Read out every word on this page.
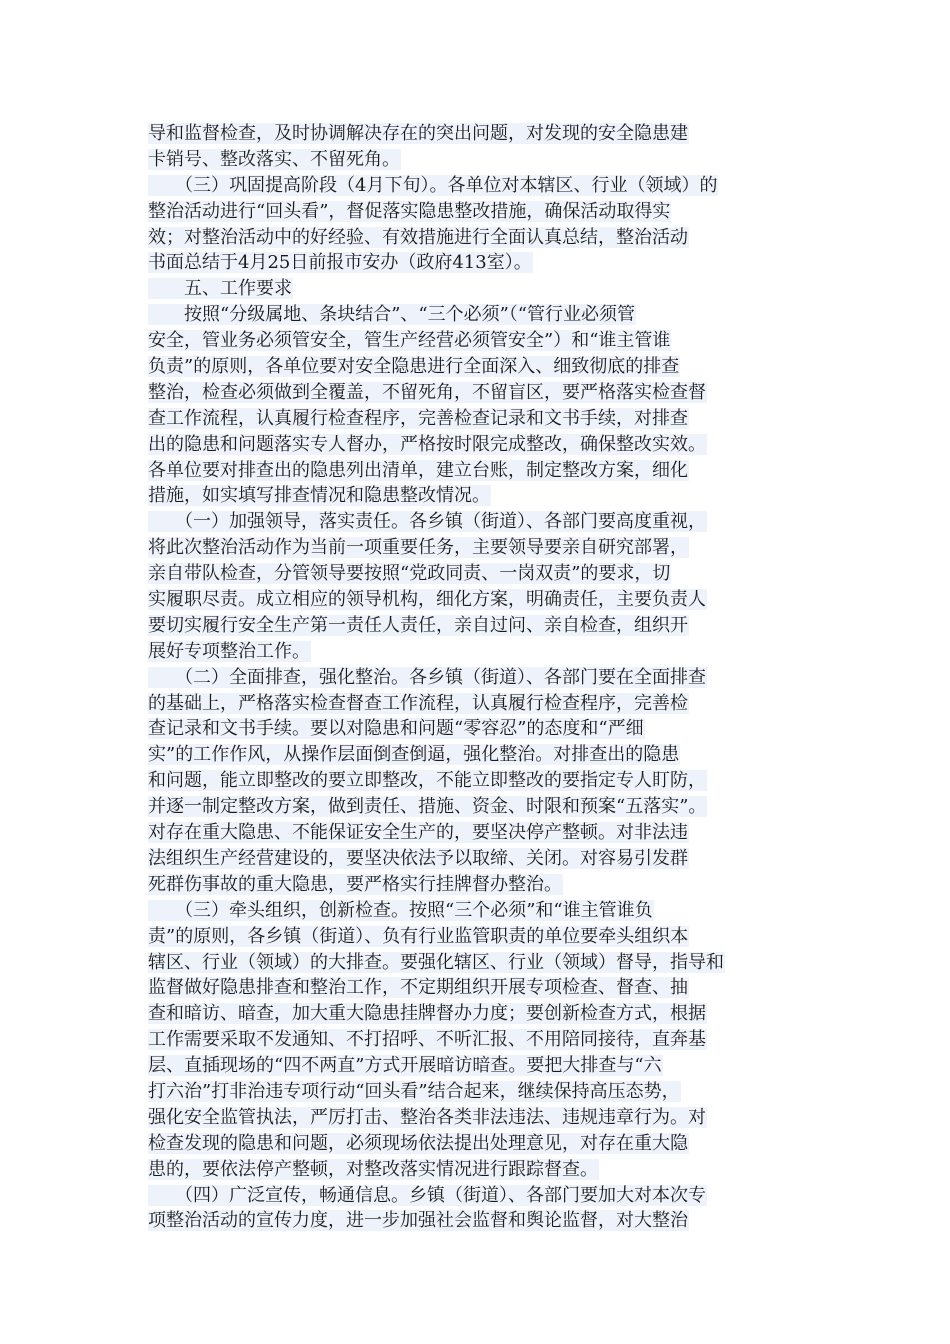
导和监督检查，及时协调解决存在的突出问题，对发现的安全隐患建
卡销号、整改落实、不留死角。
　　（三）巩固提高阶段（4月下旬）。各单位对本辖区、行业（领域）的
整治活动进行“回头看”，督促落实隐患整改措施，确保活动取得实
效；对整治活动中的好经验、有效措施进行全面认真总结，整治活动
书面总结于4月25日前报市安办（政府413室）。
　　五、工作要求
　　按照“分级属地、条块结合”、“三个必须”（“管行业必须管
安全，管业务必须管安全，管生产经营必须管安全”）和“谁主管谁
负责”的原则，各单位要对安全隐患进行全面深入、细致彻底的排查
整治，检查必须做到全覆盖，不留死角，不留盲区，要严格落实检查督
查工作流程，认真履行检查程序，完善检查记录和文书手续，对排查
出的隐患和问题落实专人督办，严格按时限完成整改，确保整改实效。
各单位要对排查出的隐患列出清单，建立台账，制定整改方案，细化
措施，如实填写排查情况和隐患整改情况。
　　（一）加强领导，落实责任。各乡镇（街道）、各部门要高度重视，
将此次整治活动作为当前一项重要任务，主要领导要亲自研究部署，
亲自带队检查，分管领导要按照“党政同责、一岗双责”的要求，切
实履职尽责。成立相应的领导机构，细化方案，明确责任，主要负责人
要切实履行安全生产第一责任人责任，亲自过问、亲自检查，组织开
展好专项整治工作。
　　（二）全面排查，强化整治。各乡镇（街道）、各部门要在全面排查
的基础上，严格落实检查督查工作流程，认真履行检查程序，完善检
查记录和文书手续。要以对隐患和问题“零容忍”的态度和“严细
实”的工作作风，从操作层面倒查倒逼，强化整治。对排查出的隐患
和问题，能立即整改的要立即整改，不能立即整改的要指定专人盯防，
并逐一制定整改方案，做到责任、措施、资金、时限和预案“五落实”。
对存在重大隐患、不能保证安全生产的，要坚决停产整顿。对非法违
法组织生产经营建设的，要坚决依法予以取缔、关闭。对容易引发群
死群伤事故的重大隐患，要严格实行挂牌督办整治。
　　（三）牵头组织，创新检查。按照“三个必须”和“谁主管谁负
责”的原则，各乡镇（街道）、负有行业监管职责的单位要牵头组织本
辖区、行业（领域）的大排查。要强化辖区、行业（领域）督导，指导和
监督做好隐患排查和整治工作，不定期组织开展专项检查、督查、抽
查和暗访、暗查，加大重大隐患挂牌督办力度；要创新检查方式，根据
工作需要采取不发通知、不打招呼、不听汇报、不用陪同接待，直奔基
层、直插现场的“四不两直”方式开展暗访暗查。要把大排查与“六
打六治”打非治违专项行动“回头看”结合起来，继续保持高压态势，
强化安全监管执法，严厉打击、整治各类非法违法、违规违章行为。对
检查发现的隐患和问题，必须现场依法提出处理意见，对存在重大隐
患的，要依法停产整顿，对整改落实情况进行跟踪督查。
　　（四）广泛宣传，畅通信息。乡镇（街道）、各部门要加大对本次专
项整治活动的宣传力度，进一步加强社会监督和舆论监督，对大整治
